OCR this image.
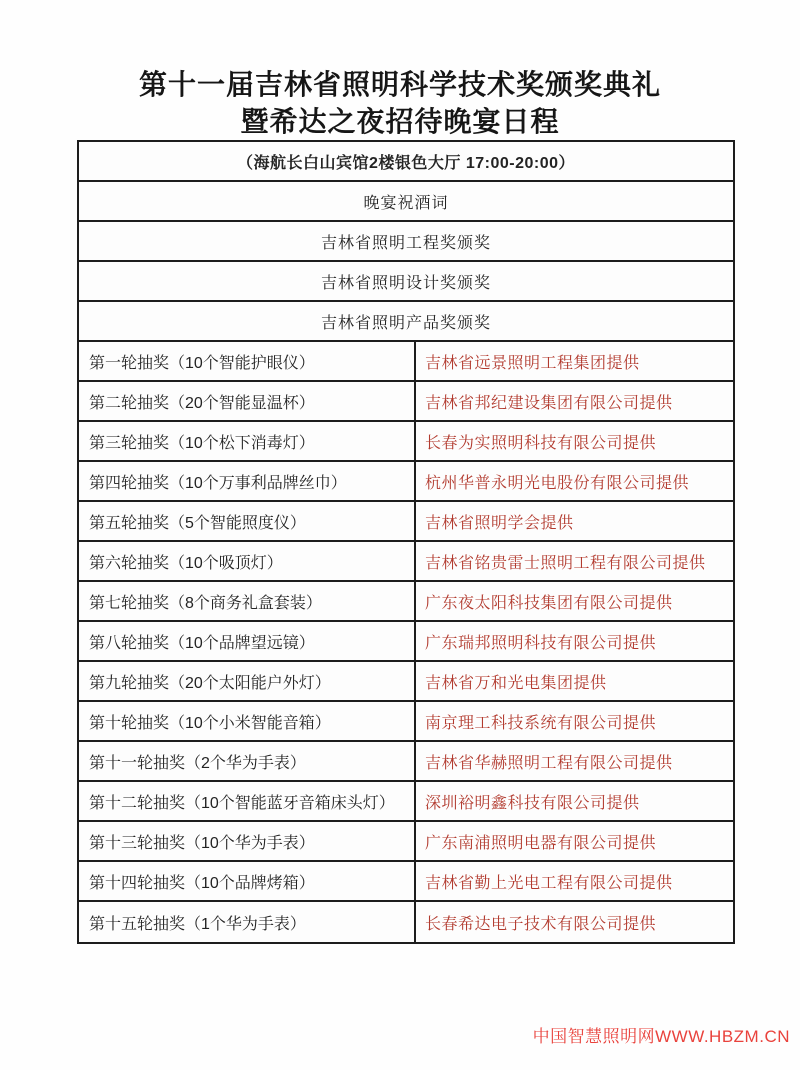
第十一届吉林省照明科学技术奖颁奖典礼
暨希达之夜招待晚宴日程
（海航长白山宾馆2楼银色大厅 17:00-20:00）
晚宴祝酒词
吉林省照明工程奖颁奖
吉林省照明设计奖颁奖
吉林省照明产品奖颁奖
第一轮抽奖（10个智能护眼仪）	吉林省远景照明工程集团提供
第二轮抽奖（20个智能显温杯）	吉林省邦纪建设集团有限公司提供
第三轮抽奖（10个松下消毒灯）	长春为实照明科技有限公司提供
第四轮抽奖（10个万事利品牌丝巾）	杭州华普永明光电股份有限公司提供
第五轮抽奖（5个智能照度仪）	吉林省照明学会提供
第六轮抽奖（10个吸顶灯）	吉林省铭贵雷士照明工程有限公司提供
第七轮抽奖（8个商务礼盒套装）	广东夜太阳科技集团有限公司提供
第八轮抽奖（10个品牌望远镜）	广东瑞邦照明科技有限公司提供
第九轮抽奖（20个太阳能户外灯）	吉林省万和光电集团提供
第十轮抽奖（10个小米智能音箱）	南京理工科技系统有限公司提供
第十一轮抽奖（2个华为手表）	吉林省华赫照明工程有限公司提供
第十二轮抽奖（10个智能蓝牙音箱床头灯）	深圳裕明鑫科技有限公司提供
第十三轮抽奖（10个华为手表）	广东南浦照明电器有限公司提供
第十四轮抽奖（10个品牌烤箱）	吉林省勤上光电工程有限公司提供
第十五轮抽奖（1个华为手表）	长春希达电子技术有限公司提供
中国智慧照明网WWW.HBZM.CN
